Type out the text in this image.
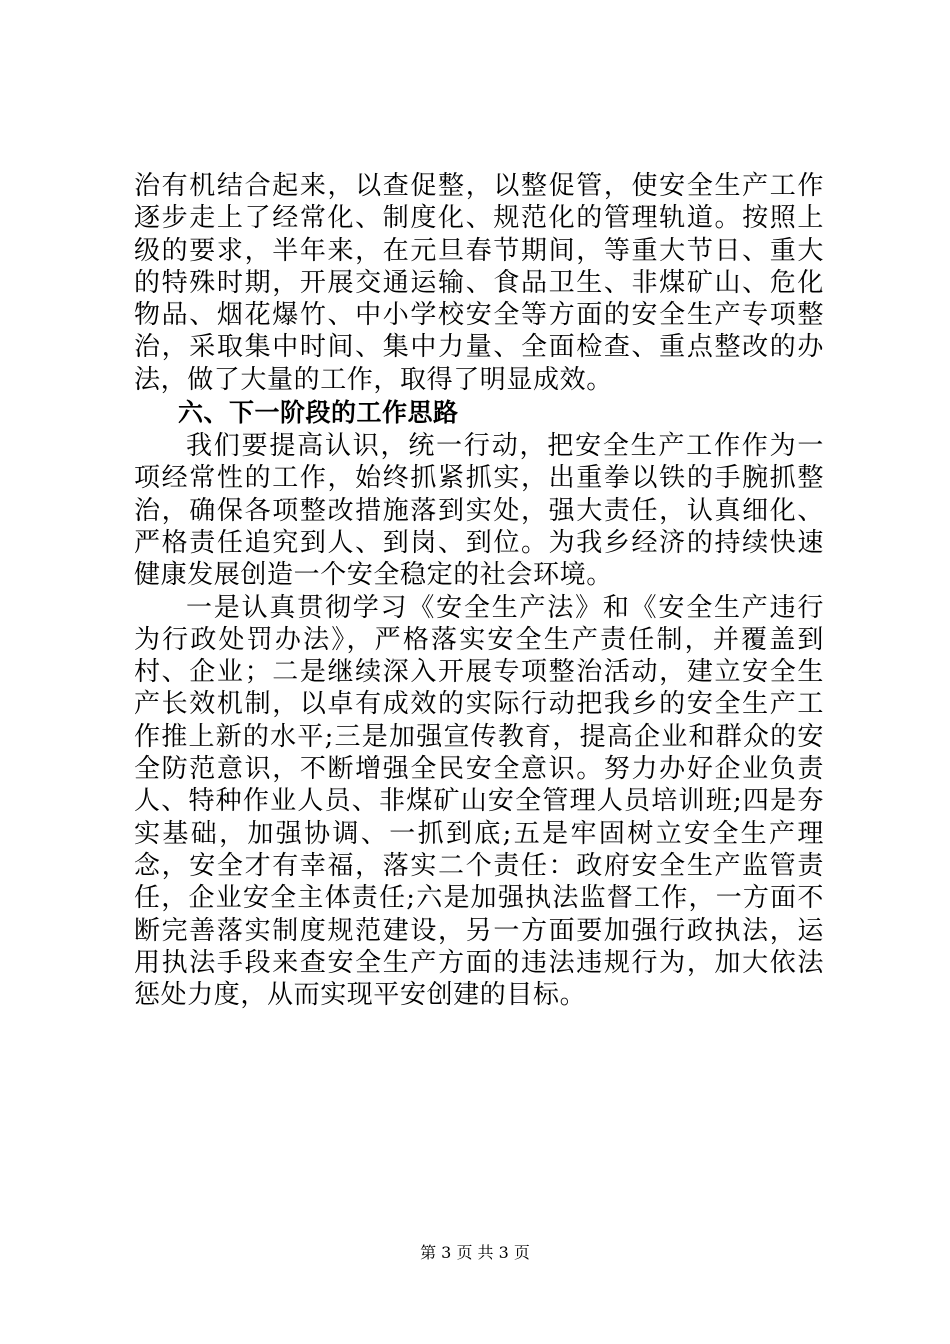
治有机结合起来，以查促整，以整促管，使安全生产工作逐步走上了经常化、制度化、规范化的管理轨道。按照上级的要求，半年来，在元旦春节期间，等重大节日、重大的特殊时期，开展交通运输、食品卫生、非煤矿山、危化物品、烟花爆竹、中小学校安全等方面的安全生产专项整治，采取集中时间、集中力量、全面检查、重点整改的办法，做了大量的工作，取得了明显成效。

六、下一阶段的工作思路

我们要提高认识，统一行动，把安全生产工作作为一项经常性的工作，始终抓紧抓实，出重拳以铁的手腕抓整治，确保各项整改措施落到实处，强大责任，认真细化、严格责任追究到人、到岗、到位。为我乡经济的持续快速健康发展创造一个安全稳定的社会环境。

一是认真贯彻学习《安全生产法》和《安全生产违行为行政处罚办法》，严格落实安全生产责任制，并覆盖到村、企业；二是继续深入开展专项整治活动，建立安全生产长效机制，以卓有成效的实际行动把我乡的安全生产工作推上新的水平;三是加强宣传教育，提高企业和群众的安全防范意识，不断增强全民安全意识。努力办好企业负责人、特种作业人员、非煤矿山安全管理人员培训班;四是夯实基础，加强协调、一抓到底;五是牢固树立安全生产理念，安全才有幸福，落实二个责任：政府安全生产监管责任，企业安全主体责任;六是加强执法监督工作，一方面不断完善落实制度规范建设，另一方面要加强行政执法，运用执法手段来查安全生产方面的违法违规行为，加大依法惩处力度，从而实现平安创建的目标。

第 3 页 共 3 页
